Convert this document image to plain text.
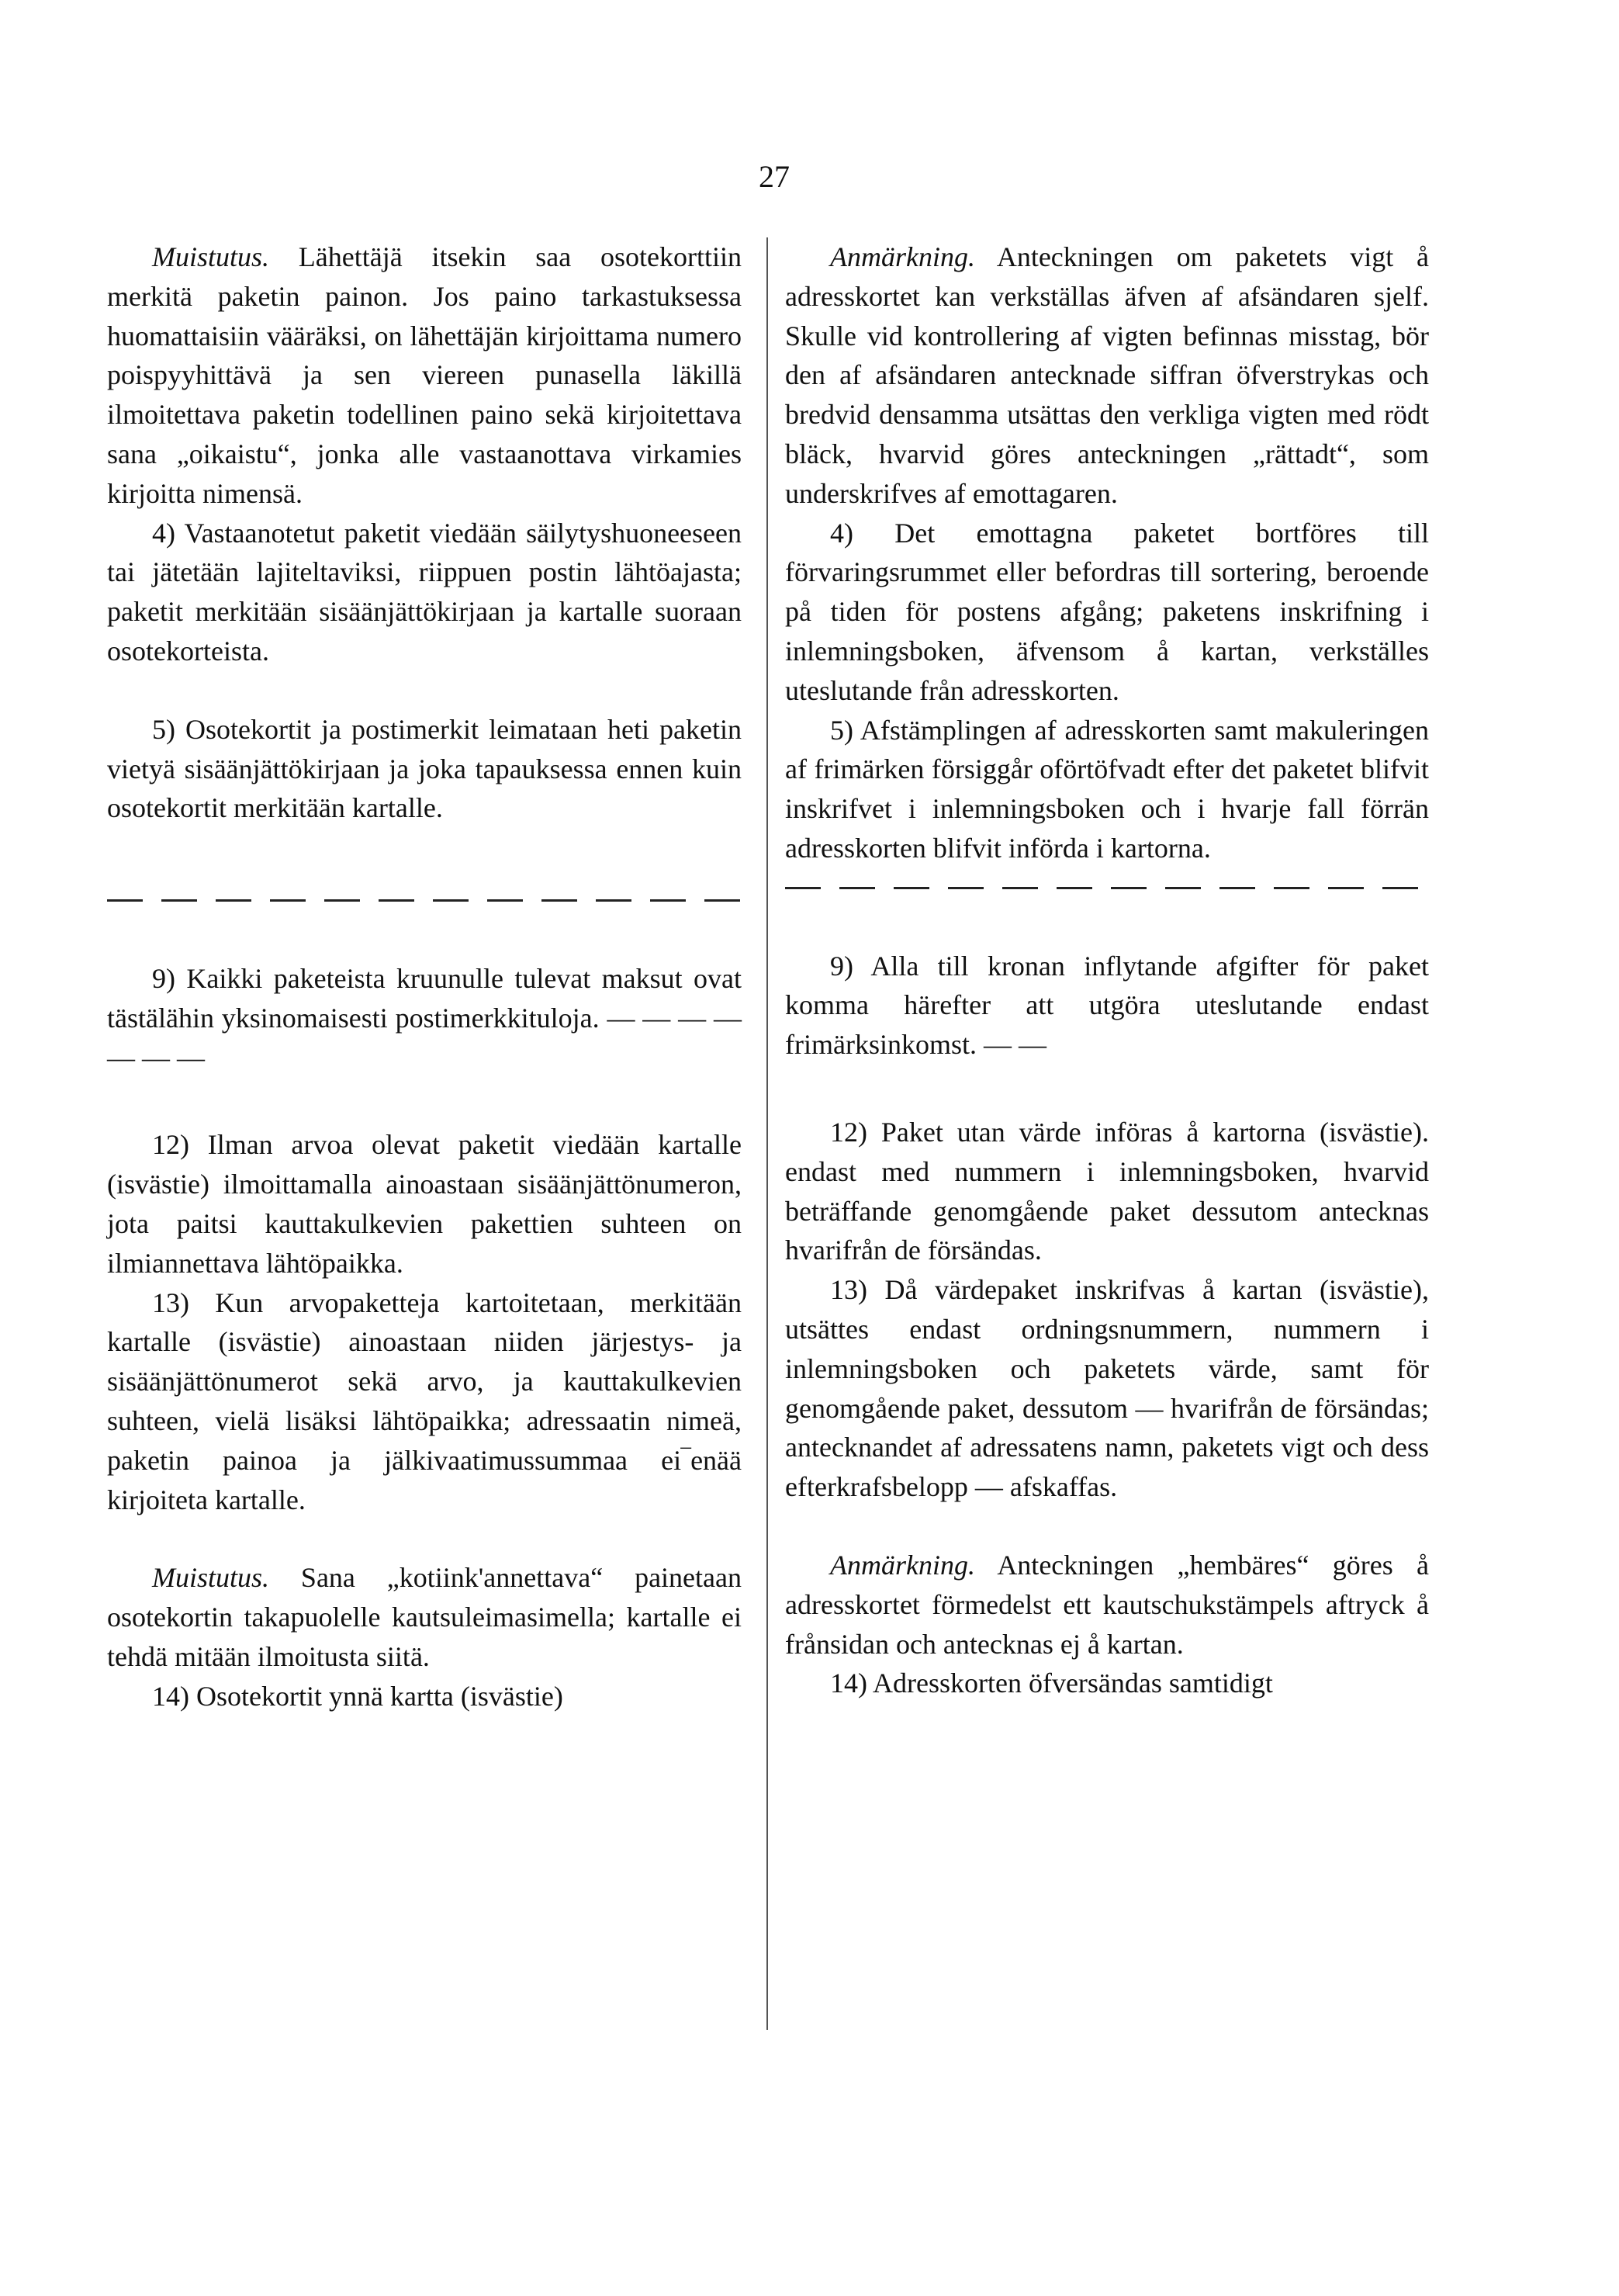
27

Muistutus. Lähettäjä itsekin saa osotekorttiin merkitä paketin painon. Jos paino tarkastuksessa huomattaisiin vääräksi, on lähettäjän kirjoittama numero poispyyhittävä ja sen viereen punasella läkillä ilmoitettava paketin todellinen paino sekä kirjoitettava sana „oikaistu“, jonka alle vastaanottava virkamies kirjoitta nimensä.

4) Vastaanotetut paketit viedään säilytyshuoneeseen tai jätetään lajiteltaviksi, riippuen postin lähtöajasta; paketit merkitään sisäänjättökirjaan ja kartalle suoraan osotekorteista.

5) Osotekortit ja postimerkit leimataan heti paketin vietyä sisäänjättökirjaan ja joka tapauksessa ennen kuin osotekortit merkitään kartalle.

9) Kaikki paketeista kruunulle tulevat maksut ovat tästälähin yksinomaisesti postimerkkituloja. — — — — — — —

12) Ilman arvoa olevat paketit viedään kartalle (isvästie) ilmoittamalla ainoastaan sisäänjättönumeron, jota paitsi kauttakulkevien pakettien suhteen on ilmiannettava lähtöpaikka.

13) Kun arvopaketteja kartoitetaan, merkitään kartalle (isvästie) ainoastaan niiden järjestys- ja sisäänjättönumerot sekä arvo, ja kauttakulkevien suhteen, vielä lisäksi lähtöpaikka; adressaatin nimeä, paketin painoa ja jälkivaatimussummaa ei‾enää kirjoiteta kartalle.

Muistutus. Sana „kotiink'annettava“ painetaan osotekortin takapuolelle kautsuleimasimella; kartalle ei tehdä mitään ilmoitusta siitä.

14) Osotekortit ynnä kartta (isvästie)

Anmärkning. Anteckningen om paketets vigt å adresskortet kan verkställas äfven af afsändaren sjelf. Skulle vid kontrollering af vigten befinnas misstag, bör den af afsändaren antecknade siffran öfverstrykas och bredvid densamma utsättas den verkliga vigten med rödt bläck, hvarvid göres anteckningen „rättadt“, som underskrifves af emottagaren.

4) Det emottagna paketet bortföres till förvaringsrummet eller befordras till sortering, beroende på tiden för postens afgång; paketens inskrifning i inlemningsboken, äfvensom å kartan, verkställes uteslutande från adresskorten.

5) Afstämplingen af adresskorten samt makuleringen af frimärken försiggår oförtöfvadt efter det paketet blifvit inskrifvet i inlemningsboken och i hvarje fall förrän adresskorten blifvit införda i kartorna.

9) Alla till kronan inflytande afgifter för paket komma härefter att utgöra uteslutande endast frimärksinkomst. — —

12) Paket utan värde införas å kartorna (isvästie). endast med nummern i inlemningsboken, hvarvid beträffande genomgående paket dessutom antecknas hvarifrån de försändas.

13) Då värdepaket inskrifvas å kartan (isvästie), utsättes endast ordningsnummern, nummern i inlemningsboken och paketets värde, samt för genomgående paket, dessutom — hvarifrån de försändas; antecknandet af adressatens namn, paketets vigt och dess efterkrafsbelopp — afskaffas.

Anmärkning. Anteckningen „hembäres“ göres å adresskortet förmedelst ett kautschukstämpels aftryck å frånsidan och antecknas ej å kartan.

14) Adresskorten öfversändas samtidigt
